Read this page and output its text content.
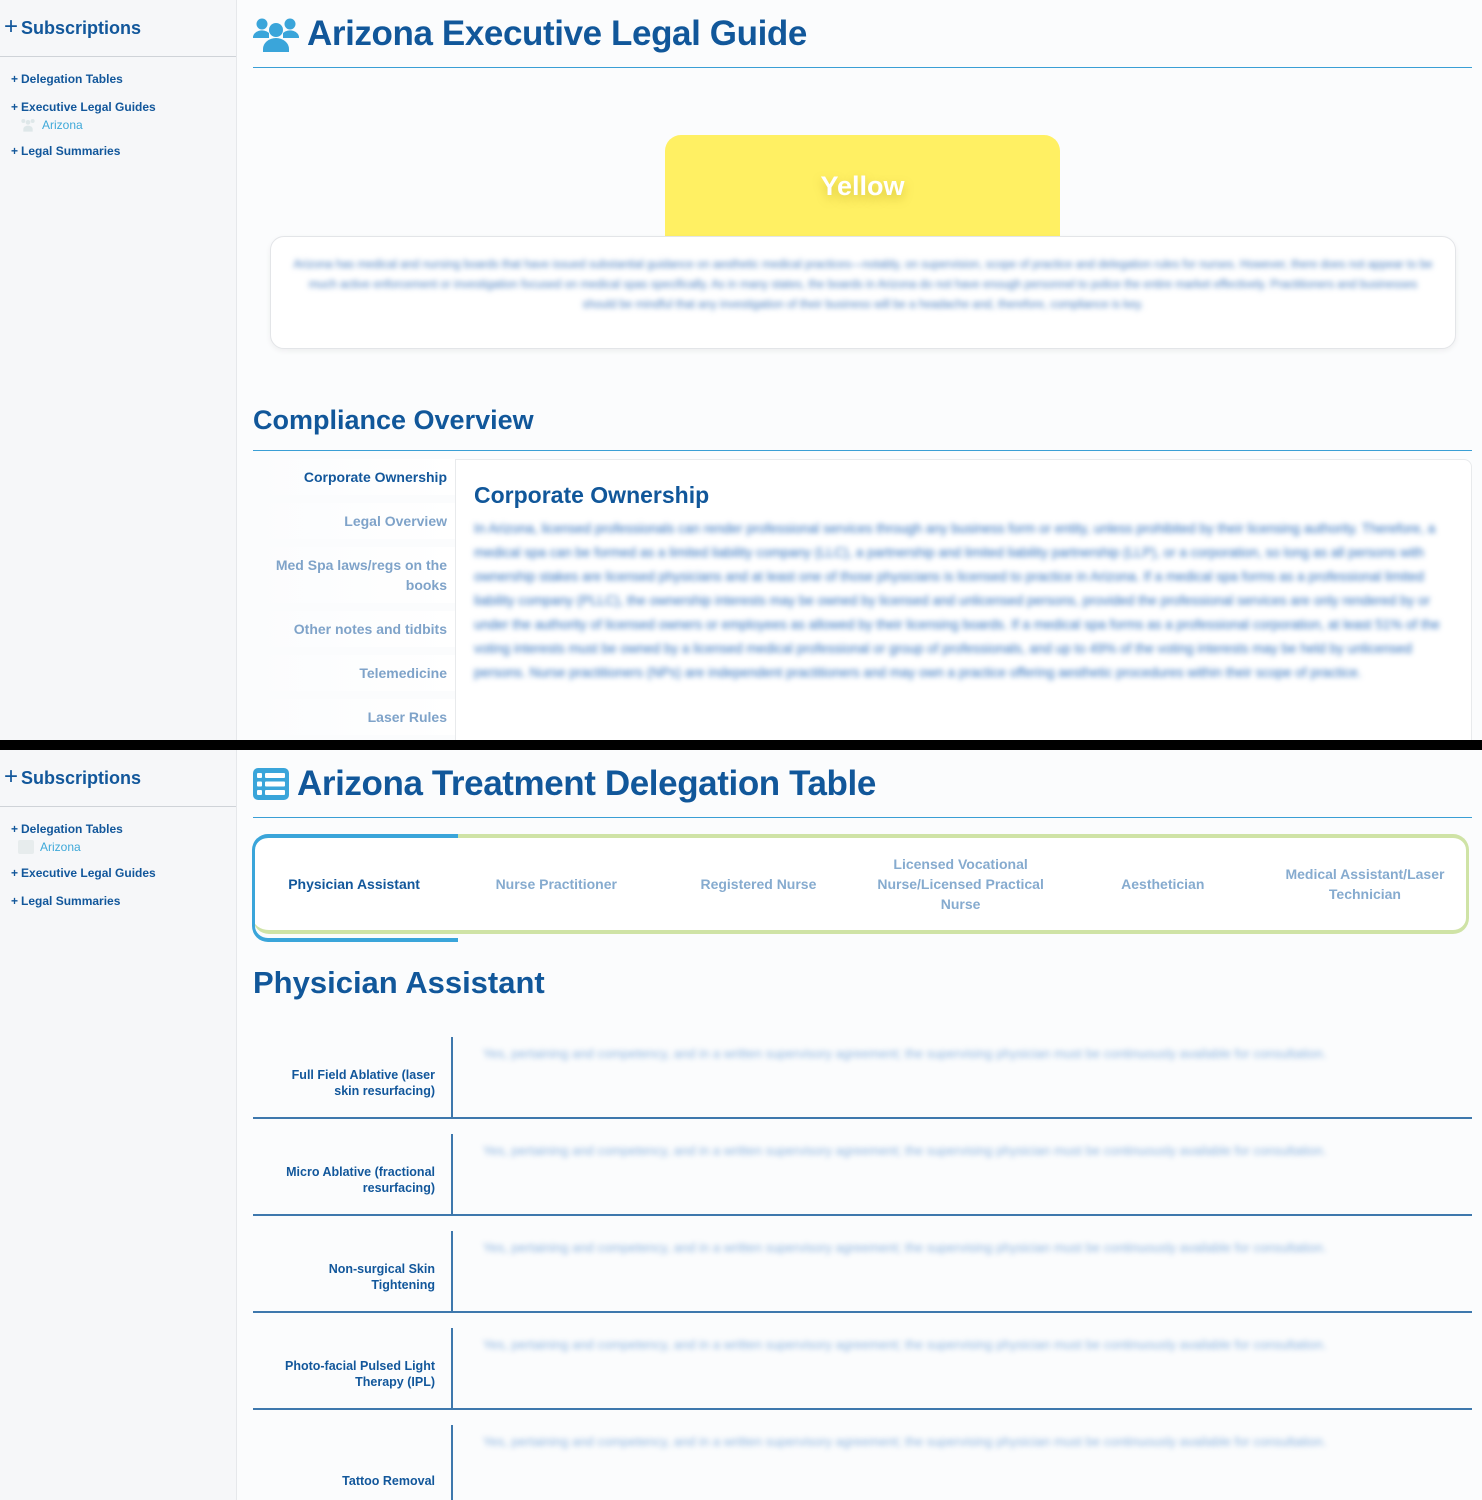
+ Subscriptions
+ Delegation Tables
+ Executive Legal Guides
Arizona
+ Legal Summaries
Arizona Executive Legal Guide
Yellow

Arizona has medical and nursing boards that have issued substantial guidance on aesthetic medical practices—notably, on supervision, scope of practice and delegation rules for nurses. However, there does not appear to be much active enforcement or investigation focused on medical spas specifically. As in many states, the boards in Arizona do not have enough personnel to police the entire market effectively. Practitioners and businesses should be mindful that any investigation of their business will be a headache and, therefore, compliance is key.

Compliance Overview
Corporate Ownership
Legal Overview
Med Spa laws/regs on the books
Other notes and tidbits
Telemedicine
Laser Rules
Corporate Ownership

In Arizona, licensed professionals can render professional services through any business form or entity, unless prohibited by their licensing authority. Therefore, a medical spa can be formed as a limited liability company (LLC), a partnership and limited liability partnership (LLP), or a corporation, so long as all persons with ownership stakes are licensed physicians and at least one of those physicians is licensed to practice in Arizona. If a medical spa forms as a professional limited liability company (PLLC), the ownership interests may be owned by licensed and unlicensed persons, provided the professional services are only rendered by or under the authority of licensed owners or employees as allowed by their licensing boards. If a medical spa forms as a professional corporation, at least 51% of the voting interests must be owned by a licensed medical professional or group of professionals, and up to 49% of the voting interests may be held by unlicensed persons. Nurse practitioners (NPs) are independent practitioners and may own a practice offering aesthetic procedures within their scope of practice.

+ Subscriptions
+ Delegation Tables
Arizona
+ Executive Legal Guides
+ Legal Summaries
Arizona Treatment Delegation Table
Physician Assistant	Nurse Practitioner	Registered Nurse
Licensed Vocational Nurse/Licensed Practical Nurse
Aesthetician
Medical Assistant/Laser Technician
Physician Assistant
Full Field Ablative (laser skin resurfacing)

Yes, pertaining and competency, and in a written supervisory agreement; the supervising physician must be continuously available for consultation.

Micro Ablative (fractional resurfacing)

Yes, pertaining and competency, and in a written supervisory agreement; the supervising physician must be continuously available for consultation.

Non-surgical Skin Tightening

Yes, pertaining and competency, and in a written supervisory agreement; the supervising physician must be continuously available for consultation.

Photo-facial Pulsed Light Therapy (IPL)

Yes, pertaining and competency, and in a written supervisory agreement; the supervising physician must be continuously available for consultation.

Tattoo Removal

Yes, pertaining and competency, and in a written supervisory agreement; the supervising physician must be continuously available for consultation.
